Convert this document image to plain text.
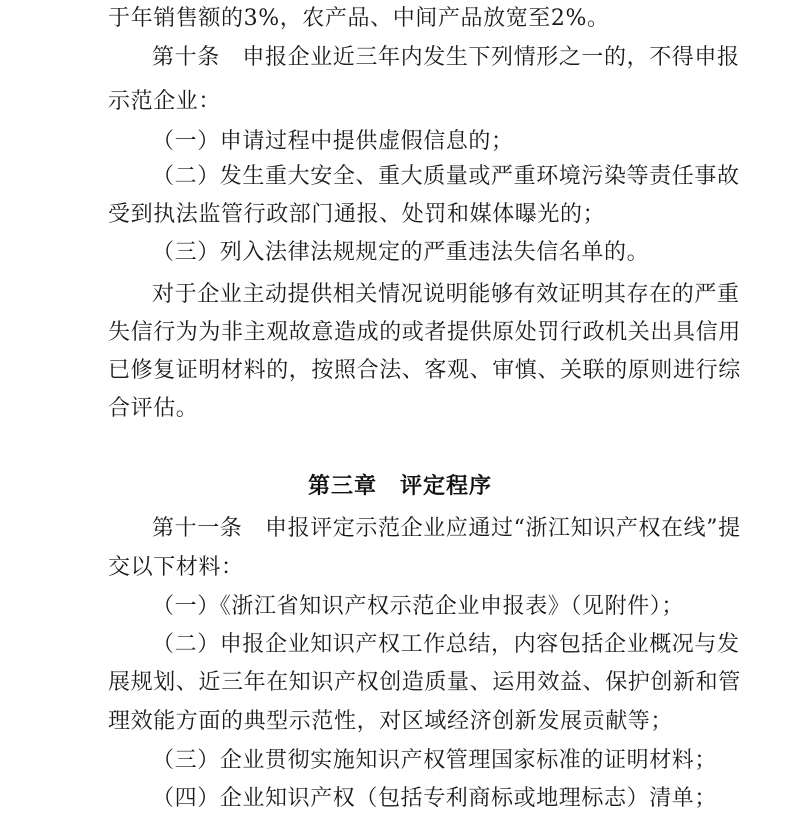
于年销售额的3%，农产品、中间产品放宽至2%。
第十条　申报企业近三年内发生下列情形之一的，不得申报
示范企业：
（一）申请过程中提供虚假信息的；
（二）发生重大安全、重大质量或严重环境污染等责任事故
受到执法监管行政部门通报、处罚和媒体曝光的；
（三）列入法律法规规定的严重违法失信名单的。
对于企业主动提供相关情况说明能够有效证明其存在的严重
失信行为为非主观故意造成的或者提供原处罚行政机关出具信用
已修复证明材料的，按照合法、客观、审慎、关联的原则进行综
合评估。
第三章　评定程序
第十一条　申报评定示范企业应通过“浙江知识产权在线”提
交以下材料：
（一）《浙江省知识产权示范企业申报表》（见附件）；
（二）申报企业知识产权工作总结，内容包括企业概况与发
展规划、近三年在知识产权创造质量、运用效益、保护创新和管
理效能方面的典型示范性，对区域经济创新发展贡献等；
（三）企业贯彻实施知识产权管理国家标准的证明材料；
（四）企业知识产权（包括专利商标或地理标志）清单；
